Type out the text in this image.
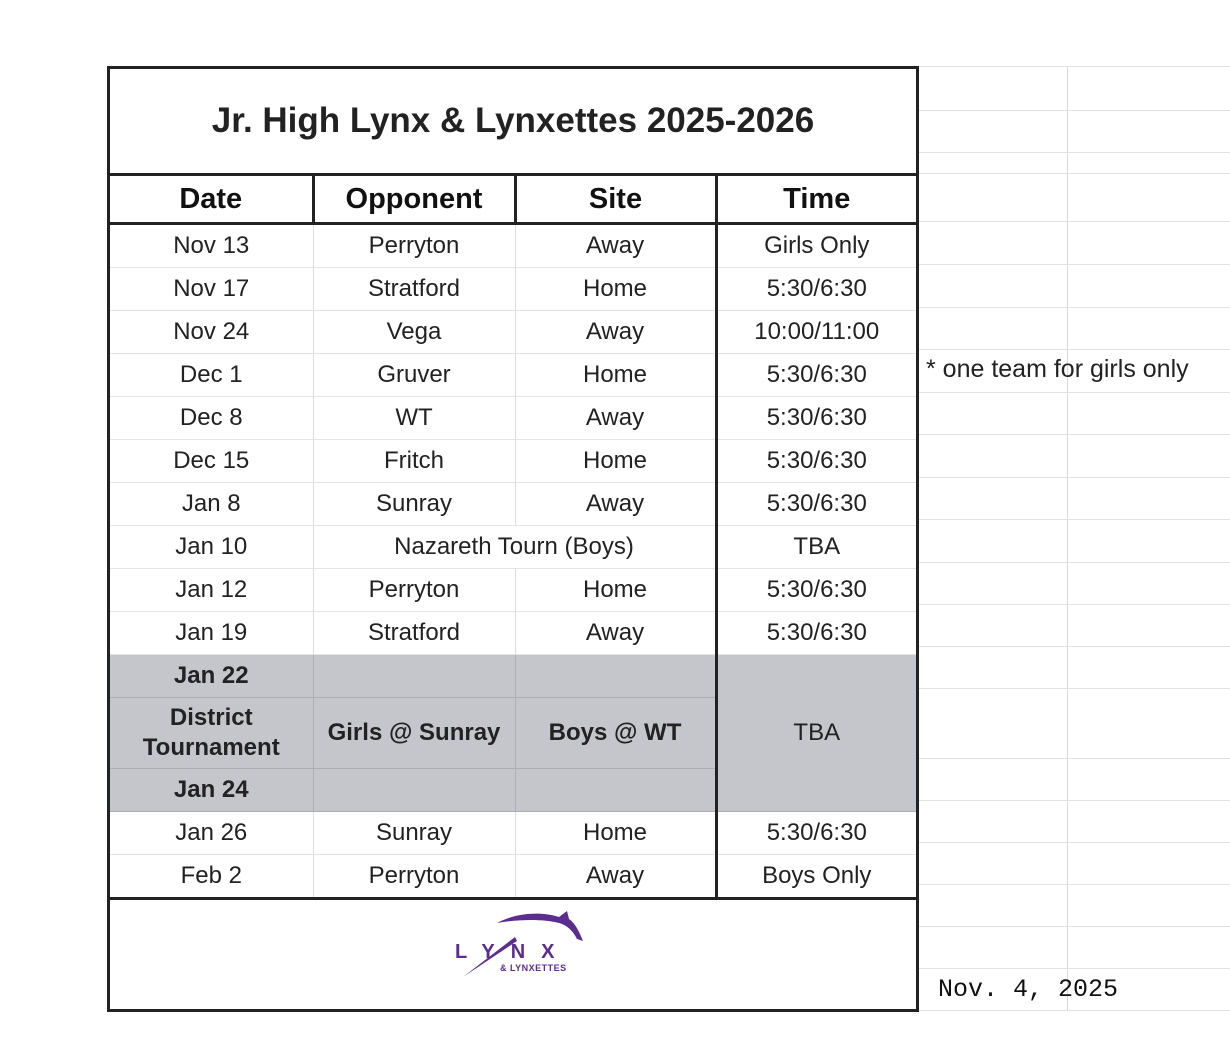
Jr. High Lynx & Lynxettes 2025-2026
Date	Opponent	Site	Time
Nov 13	Perryton	Away	Girls Only
Nov 17	Stratford	Home	5:30/6:30
Nov 24	Vega	Away	10:00/11:00
Dec 1	Gruver	Home	5:30/6:30
Dec 8	WT	Away	5:30/6:30
Dec 15	Fritch	Home	5:30/6:30
Jan 8	Sunray	Away	5:30/6:30
Jan 10	Nazareth Tourn (Boys)		TBA
Jan 12	Perryton	Home	5:30/6:30
Jan 19	Stratford	Away	5:30/6:30
Jan 22			TBA
District Tournament	Girls @ Sunray	Boys @ WT	
Jan 24			
Jan 26	Sunray	Home	5:30/6:30
Feb 2	Perryton	Away	Boys Only
LYNX
& LYNXETTES
* one team for girls only
Nov. 4, 2025
